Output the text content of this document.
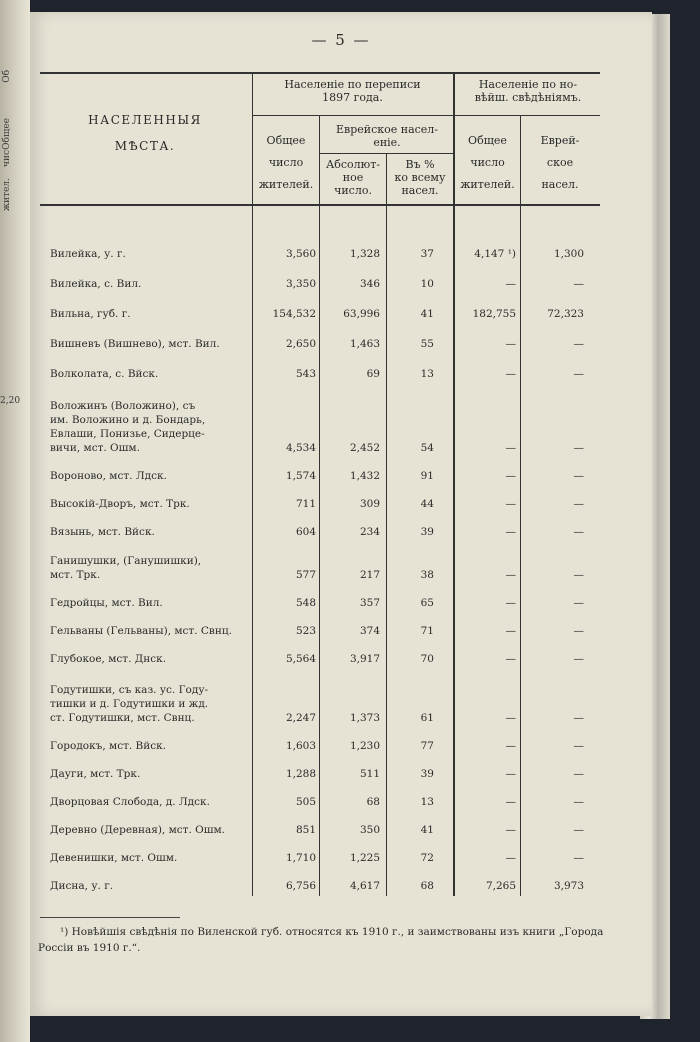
Об
Общее
чис
жител.
2,20
— 5 —
НАСЕЛЕННЫЯ
МѢСТА.
Населеніе по переписи
1897 года.
Населеніе по но-
вѣйш. свѣдѣніямъ.
Общее
число
жителей.
Еврейское насел-
еніе.
Абсолют-
ное
число.
Въ %
ко всему
насел.
Общее
число
жителей.
Еврей-
ское
насел.
Вилейка, у. г.	3,560	1,328	37	4,147 ¹)	1,300
Вилейка, с. Вил.	3,350	346	10	—	—
Вильна, губ. г.	154,532	63,996	41	182,755	72,323
Вишневъ (Вишнево), мст. Вил.	2,650	1,463	55	—	—
Волколата, с. Вйск.	543	69	13	—	—
Воложинъ (Воложино), съ
им. Воложино и д. Бондарь,
Евлаши, Понизье, Сидерце-
вичи, мст. Ошм.	4,534	2,452	54	—	—
Вороново, мст. Лдск.	1,574	1,432	91	—	—
Высокій-Дворъ, мст. Трк.	711	309	44	—	—
Вязынь, мст. Вйск.	604	234	39	—	—
Ганишушки, (Ганушишки),
мст. Трк.	577	217	38	—	—
Гедройцы, мст. Вил.	548	357	65	—	—
Гельваны (Гельваны), мст. Свнц.	523	374	71	—	—
Глубокое, мст. Днск.	5,564	3,917	70	—	—
Годутишки, съ каз. ус. Году-
тишки и д. Годутишки и жд.
ст. Годутишки, мст. Свнц.	2,247	1,373	61	—	—
Городокъ, мст. Вйск.	1,603	1,230	77	—	—
Дауги, мст. Трк.	1,288	511	39	—	—
Дворцовая Слобода, д. Лдск.	505	68	13	—	—
Деревно (Деревная), мст. Ошм.	851	350	41	—	—
Девенишки, мст. Ошм.	1,710	1,225	72	—	—
Дисна, у. г.	6,756	4,617	68	7,265	3,973
¹) Новѣйшія свѣдѣнія по Виленской губ. относятся къ 1910 г., и заимствованы изъ книги „Города Россіи въ 1910 г.“.
